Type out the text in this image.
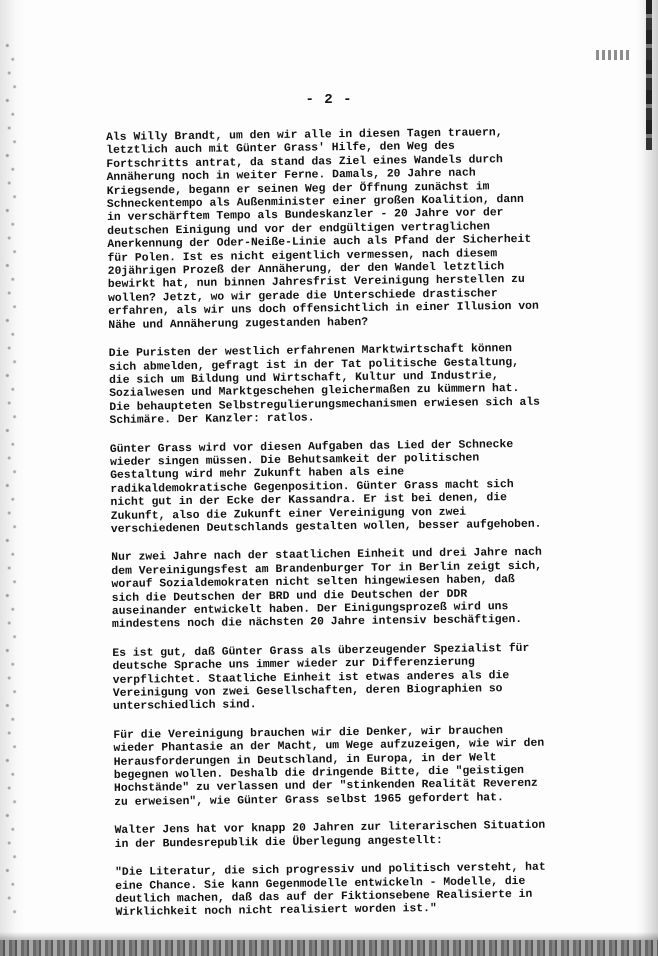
- 2 -

Als Willy Brandt, um den wir alle in diesen Tagen trauern,
letztlich auch mit Günter Grass' Hilfe, den Weg des
Fortschritts antrat, da stand das Ziel eines Wandels durch
Annäherung noch in weiter Ferne. Damals, 20 Jahre nach
Kriegsende, begann er seinen Weg der Öffnung zunächst im
Schneckentempo als Außenminister einer großen Koalition, dann
in verschärftem Tempo als Bundeskanzler - 20 Jahre vor der
deutschen Einigung und vor der endgültigen vertraglichen
Anerkennung der Oder-Neiße-Linie auch als Pfand der Sicherheit
für Polen. Ist es nicht eigentlich vermessen, nach diesem
20jährigen Prozeß der Annäherung, der den Wandel letztlich
bewirkt hat, nun binnen Jahresfrist Vereinigung herstellen zu
wollen? Jetzt, wo wir gerade die Unterschiede drastischer
erfahren, als wir uns doch offensichtlich in einer Illusion von
Nähe und Annäherung zugestanden haben?

Die Puristen der westlich erfahrenen Marktwirtschaft können
sich abmelden, gefragt ist in der Tat politische Gestaltung,
die sich um Bildung und Wirtschaft, Kultur und Industrie,
Sozialwesen und Marktgeschehen gleichermaßen zu kümmern hat.
Die behaupteten Selbstregulierungsmechanismen erwiesen sich als
Schimäre. Der Kanzler: ratlos.

Günter Grass wird vor diesen Aufgaben das Lied der Schnecke
wieder singen müssen. Die Behutsamkeit der politischen
Gestaltung wird mehr Zukunft haben als eine
radikaldemokratische Gegenposition. Günter Grass macht sich
nicht gut in der Ecke der Kassandra. Er ist bei denen, die
Zukunft, also die Zukunft einer Vereinigung von zwei
verschiedenen Deutschlands gestalten wollen, besser aufgehoben.

Nur zwei Jahre nach der staatlichen Einheit und drei Jahre nach
dem Vereinigungsfest am Brandenburger Tor in Berlin zeigt sich,
worauf Sozialdemokraten nicht selten hingewiesen haben, daß
sich die Deutschen der BRD und die Deutschen der DDR
auseinander entwickelt haben. Der Einigungsprozeß wird uns
mindestens noch die nächsten 20 Jahre intensiv beschäftigen.

Es ist gut, daß Günter Grass als überzeugender Spezialist für
deutsche Sprache uns immer wieder zur Differenzierung
verpflichtet. Staatliche Einheit ist etwas anderes als die
Vereinigung von zwei Gesellschaften, deren Biographien so
unterschiedlich sind.

Für die Vereinigung brauchen wir die Denker, wir brauchen
wieder Phantasie an der Macht, um Wege aufzuzeigen, wie wir den
Herausforderungen in Deutschland, in Europa, in der Welt
begegnen wollen. Deshalb die dringende Bitte, die "geistigen
Hochstände" zu verlassen und der "stinkenden Realität Reverenz
zu erweisen", wie Günter Grass selbst 1965 gefordert hat.

Walter Jens hat vor knapp 20 Jahren zur literarischen Situation
in der Bundesrepublik die Überlegung angestellt:

"Die Literatur, die sich progressiv und politisch versteht, hat
eine Chance. Sie kann Gegenmodelle entwickeln - Modelle, die
deutlich machen, daß das auf der Fiktionsebene Realisierte in
Wirklichkeit noch nicht realisiert worden ist."
